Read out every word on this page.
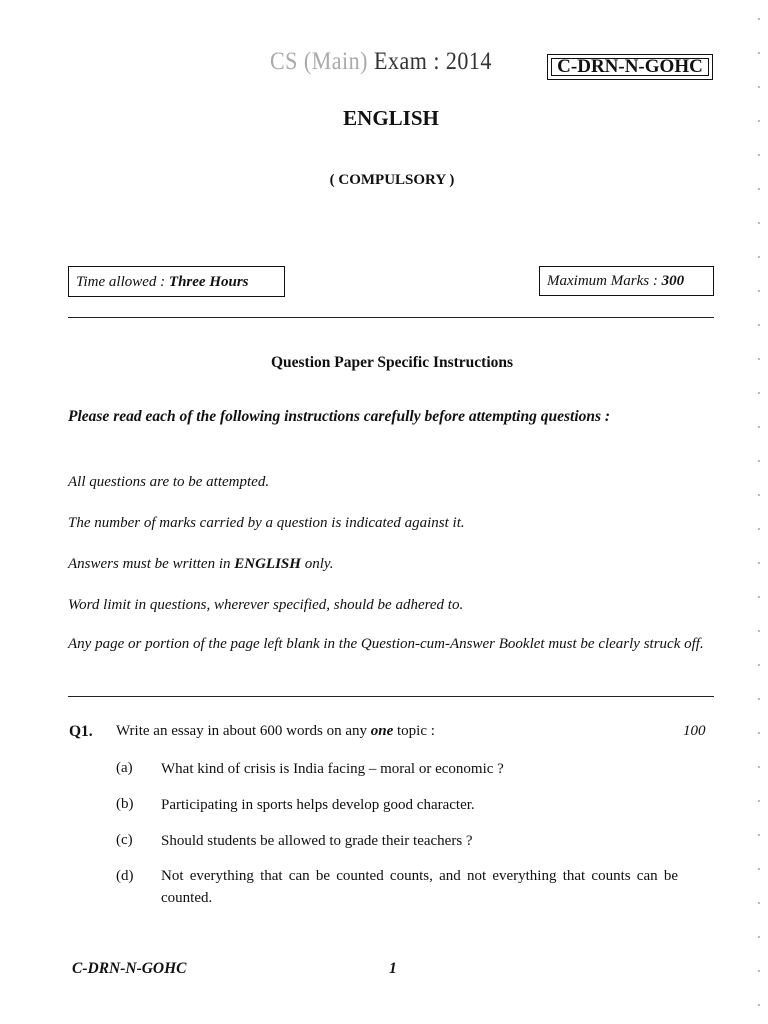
CS (Main) Exam : 2014	C-DRN-N-GOHC
ENGLISH
( COMPULSORY )
Time allowed : Three Hours	Maximum Marks : 300
Question Paper Specific Instructions
Please read each of the following instructions carefully before attempting questions :
All questions are to be attempted.
The number of marks carried by a question is indicated against it.
Answers must be written in ENGLISH only.
Word limit in questions, wherever specified, should be adhered to.
Any page or portion of the page left blank in the Question-cum-Answer Booklet must be clearly struck off.
Q1. Write an essay in about 600 words on any one topic :	100
(a) What kind of crisis is India facing – moral or economic ?
(b) Participating in sports helps develop good character.
(c) Should students be allowed to grade their teachers ?
(d) Not everything that can be counted counts, and not everything that counts can be counted.
C-DRN-N-GOHC	1
